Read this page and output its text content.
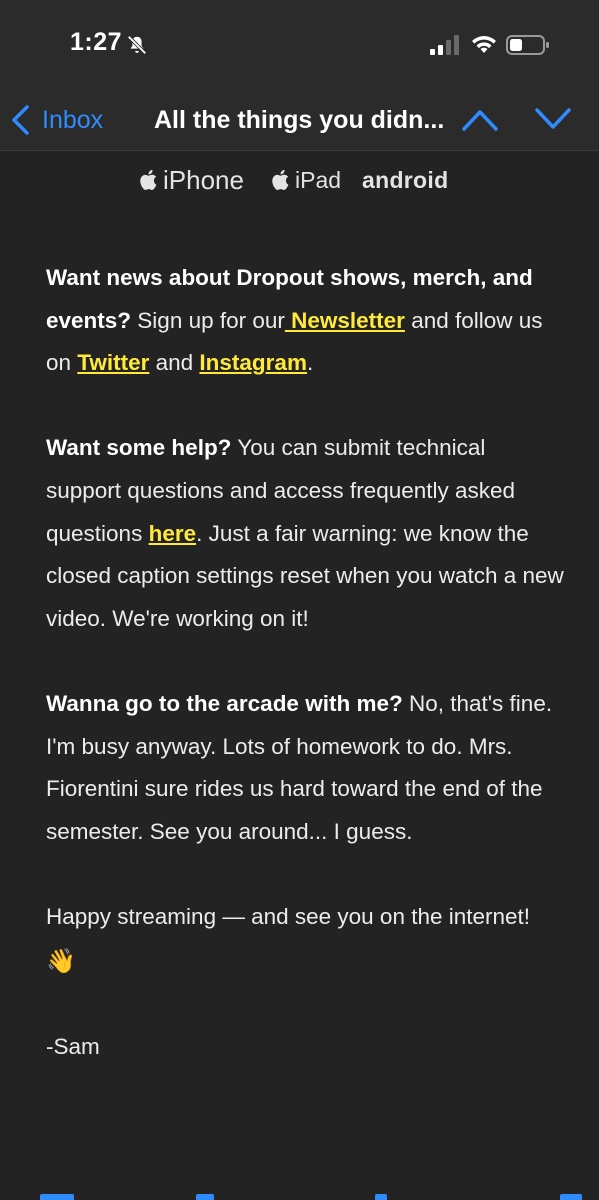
1:27
Inbox All the things you didn...
iPhone iPad android

Want news about Dropout shows, merch, and events? Sign up for our Newsletter and follow us on Twitter and Instagram.

Want some help? You can submit technical support questions and access frequently asked questions here. Just a fair warning: we know the closed caption settings reset when you watch a new video. We're working on it!

Wanna go to the arcade with me? No, that's fine. I'm busy anyway. Lots of homework to do. Mrs. Fiorentini sure rides us hard toward the end of the semester. See you around... I guess.

Happy streaming — and see you on the internet! 👋

-Sam
